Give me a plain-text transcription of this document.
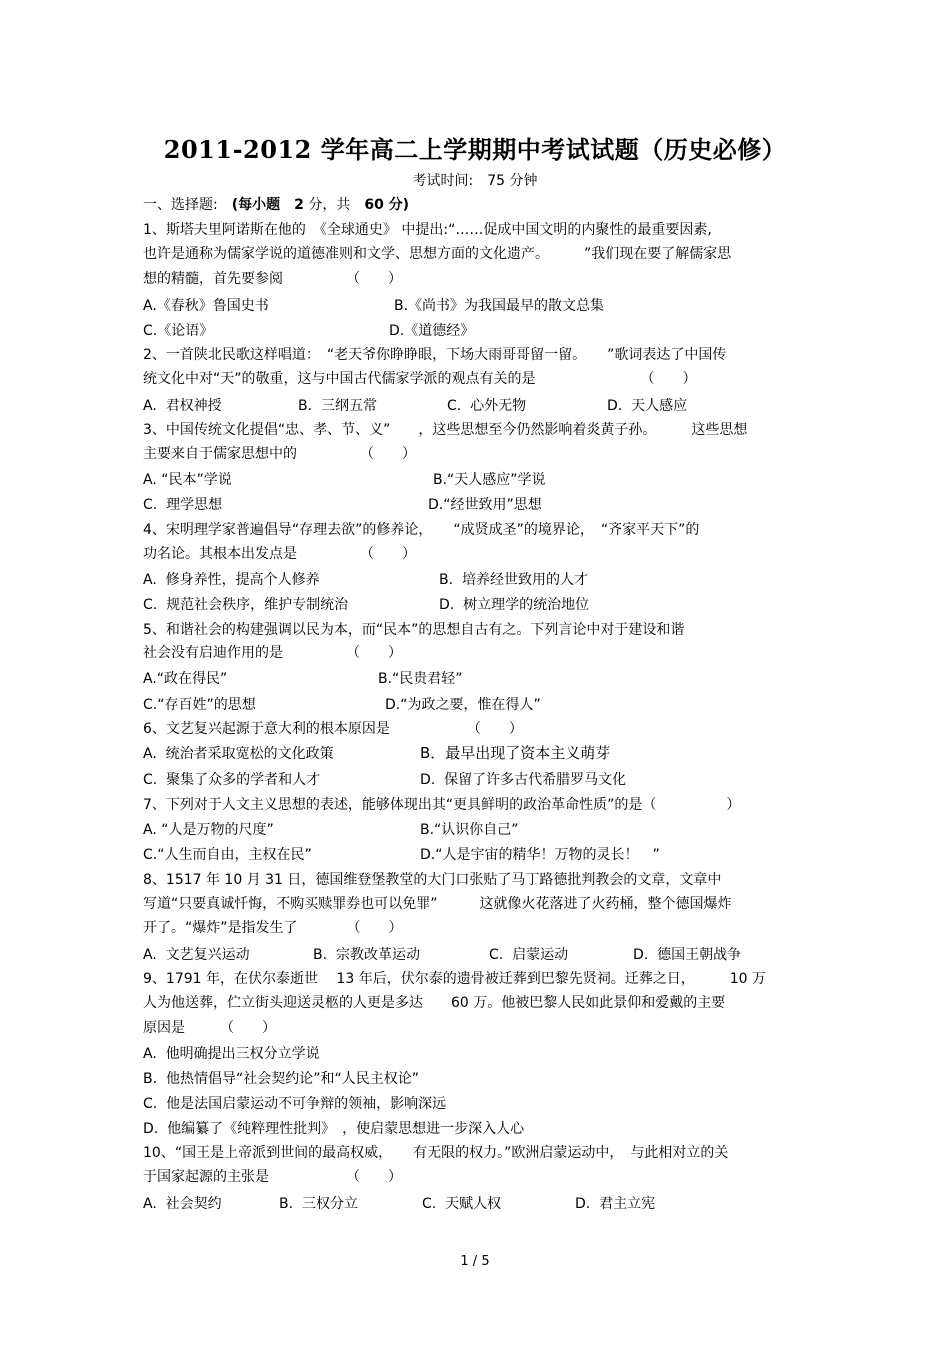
2011-2012 学年高二上学期期中考试试题（历史必修）
考试时间:　75 分钟
一、选择题:　(每小题　2 分，共　60 分)
1、斯塔夫里阿诺斯在他的　《全球通史》 中提出:“……促成中国文明的内聚性的最重要因素,
也许是通称为儒家学说的道德准则和文学、思想方面的文化遗产。　　　”我们现在要了解儒家思
想的精髓，首先要参阅　　　　　（　　）
A.《春秋》鲁国史书	B.《尚书》为我国最早的散文总集
C.《论语》	D.《道德经》
2、一首陕北民歌这样唱道：　“老天爷你睁睁眼，下场大雨哥哥留一留。　　”歌词表达了中国传
统文化中对“天”的敬重，这与中国古代儒家学派的观点有关的是　　　　　　　　（　　）
A.  君权神授	B.  三纲五常	C.  心外无物	D.  天人感应
3、中国传统文化提倡“忠、孝、节、义”　　，这些思想至今仍然影响着炎黄子孙。　　　这些思想
主要来自于儒家思想中的　　　　　（　　）
A. “民本”学说	B.“天人感应”学说
C.  理学思想	D.“经世致用”思想
4、宋明理学家普遍倡导“存理去欲”的修养论，　　“成贤成圣”的境界论，　“齐家平天下”的
功名论。其根本出发点是　　　　　（　　）
A.  修身养性，提高个人修养	B.  培养经世致用的人才
C.  规范社会秩序，维护专制统治	D.  树立理学的统治地位
5、和谐社会的构建强调以民为本，而“民本”的思想自古有之。下列言论中对于建设和谐
社会没有启迪作用的是　　　　　（　　）
A.“政在得民”	B.“民贵君轻”
C.“存百姓”的思想	D.“为政之要，惟在得人”
6、文艺复兴起源于意大利的根本原因是　　　　　　（　　）
A.  统治者采取宽松的文化政策	B．最早出现了资本主义萌芽
C.  聚集了众多的学者和人才	D.  保留了许多古代希腊罗马文化
7、下列对于人文主义思想的表述，能够体现出其“更具鲜明的政治革命性质”的是（　　　　　）
A. “人是万物的尺度”	B.“认识你自己”
C.“人生而自由，主权在民”	D.“人是宇宙的精华！万物的灵长！　”
8、1517 年 10 月 31 日，德国维登堡教堂的大门口张贴了马丁路德批判教会的文章，文章中
写道“只要真诚忏悔，不购买赎罪券也可以免罪”　　　这就像火花落进了火药桶，整个德国爆炸
开了。“爆炸”是指发生了　　　　（　　）
A.  文艺复兴运动	B.  宗教改革运动	C.  启蒙运动	D.  德国王朝战争
9、1791 年，在伏尔泰逝世　 13 年后，伏尔泰的遗骨被迁葬到巴黎先贤祠。迁葬之日，　　　10 万
人为他送葬，伫立街头迎送灵柩的人更是多达　　60 万。他被巴黎人民如此景仰和爱戴的主要
原因是　　　（　　）
A.  他明确提出三权分立学说
B.  他热情倡导“社会契约论”和“人民主权论”
C.  他是法国启蒙运动不可争辩的领袖，影响深远
D.  他编纂了《纯粹理性批判》　，使启蒙思想进一步深入人心
10、“国王是上帝派到世间的最高权威，　　有无限的权力。”欧洲启蒙运动中，　与此相对立的关
于国家起源的主张是　　　　　　（　　）
A.  社会契约	B.  三权分立	C.  天赋人权	D.  君主立宪
1 / 5
